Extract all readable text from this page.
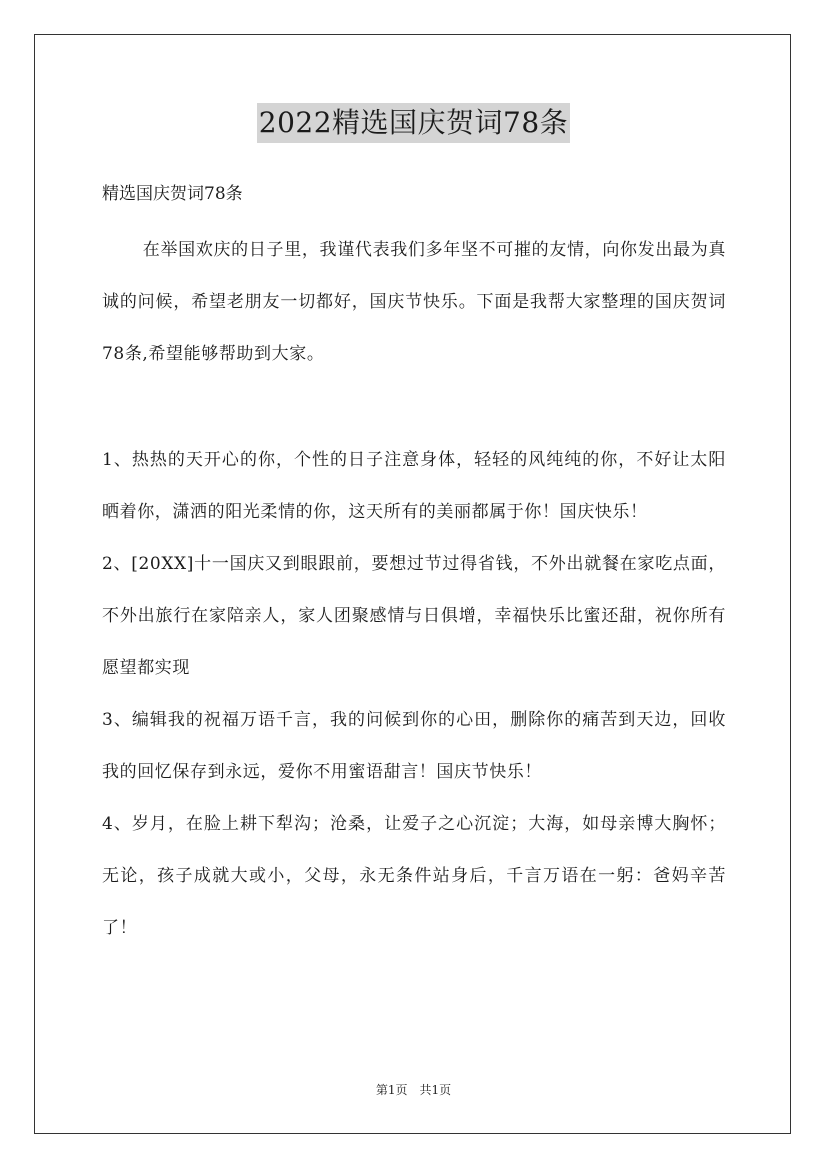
2022精选国庆贺词78条
精选国庆贺词78条

在举国欢庆的日子里，我谨代表我们多年坚不可摧的友情，向你发出最为真诚的问候，希望老朋友一切都好，国庆节快乐。下面是我帮大家整理的国庆贺词78条,希望能够帮助到大家。

1、热热的天开心的你，个性的日子注意身体，轻轻的风纯纯的你，不好让太阳晒着你，潇洒的阳光柔情的你，这天所有的美丽都属于你！国庆快乐！

2、[20XX]十一国庆又到眼跟前，要想过节过得省钱，不外出就餐在家吃点面，不外出旅行在家陪亲人，家人团聚感情与日俱增，幸福快乐比蜜还甜，祝你所有愿望都实现

3、编辑我的祝福万语千言，我的问候到你的心田，删除你的痛苦到天边，回收我的回忆保存到永远，爱你不用蜜语甜言！国庆节快乐！

4、岁月，在脸上耕下犁沟；沧桑，让爱子之心沉淀；大海，如母亲博大胸怀；无论，孩子成就大或小，父母，永无条件站身后，千言万语在一躬：爸妈辛苦了！

第1页　共1页
